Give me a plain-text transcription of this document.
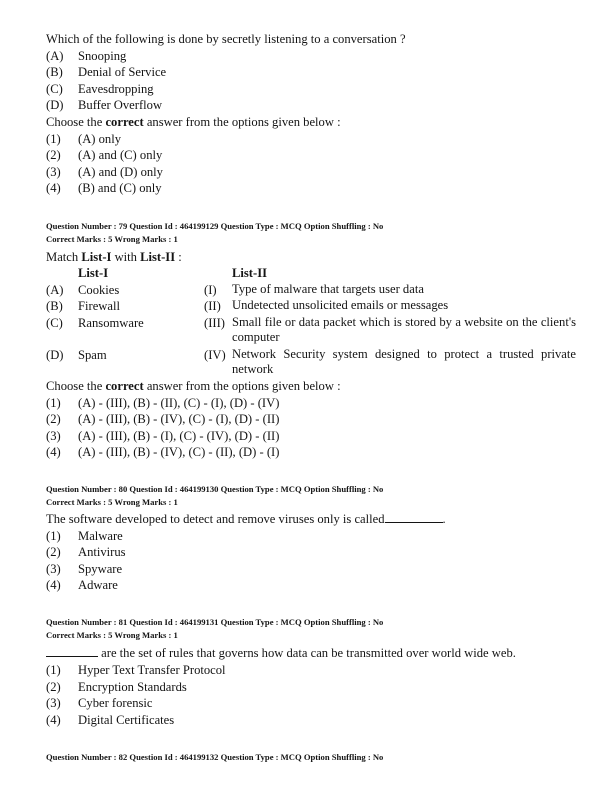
Which of the following is done by secretly listening to a conversation ?
(A) Snooping
(B) Denial of Service
(C) Eavesdropping
(D) Buffer Overflow
Choose the correct answer from the options given below :
(1) (A) only
(2) (A) and (C) only
(3) (A) and (D) only
(4) (B) and (C) only
Question Number : 79 Question Id : 464199129 Question Type : MCQ Option Shuffling : No
Correct Marks : 5 Wrong Marks : 1
Match List-I with List-II :
List-I	List-II
(A) Cookies	(I) Type of malware that targets user data
(B) Firewall	(II) Undetected unsolicited emails or messages
(C) Ransomware	(III) Small file or data packet which is stored by a website on the client's computer
(D) Spam	(IV) Network Security system designed to protect a trusted private network
Choose the correct answer from the options given below :
(1) (A) - (III), (B) - (II), (C) - (I), (D) - (IV)
(2) (A) - (III), (B) - (IV), (C) - (I), (D) - (II)
(3) (A) - (III), (B) - (I), (C) - (IV), (D) - (II)
(4) (A) - (III), (B) - (IV), (C) - (II), (D) - (I)
Question Number : 80 Question Id : 464199130 Question Type : MCQ Option Shuffling : No
Correct Marks : 5 Wrong Marks : 1
The software developed to detect and remove viruses only is called	.
(1) Malware
(2) Antivirus
(3) Spyware
(4) Adware
Question Number : 81 Question Id : 464199131 Question Type : MCQ Option Shuffling : No
Correct Marks : 5 Wrong Marks : 1
are the set of rules that governs how data can be transmitted over world wide web.
(1) Hyper Text Transfer Protocol
(2) Encryption Standards
(3) Cyber forensic
(4) Digital Certificates
Question Number : 82 Question Id : 464199132 Question Type : MCQ Option Shuffling : No
